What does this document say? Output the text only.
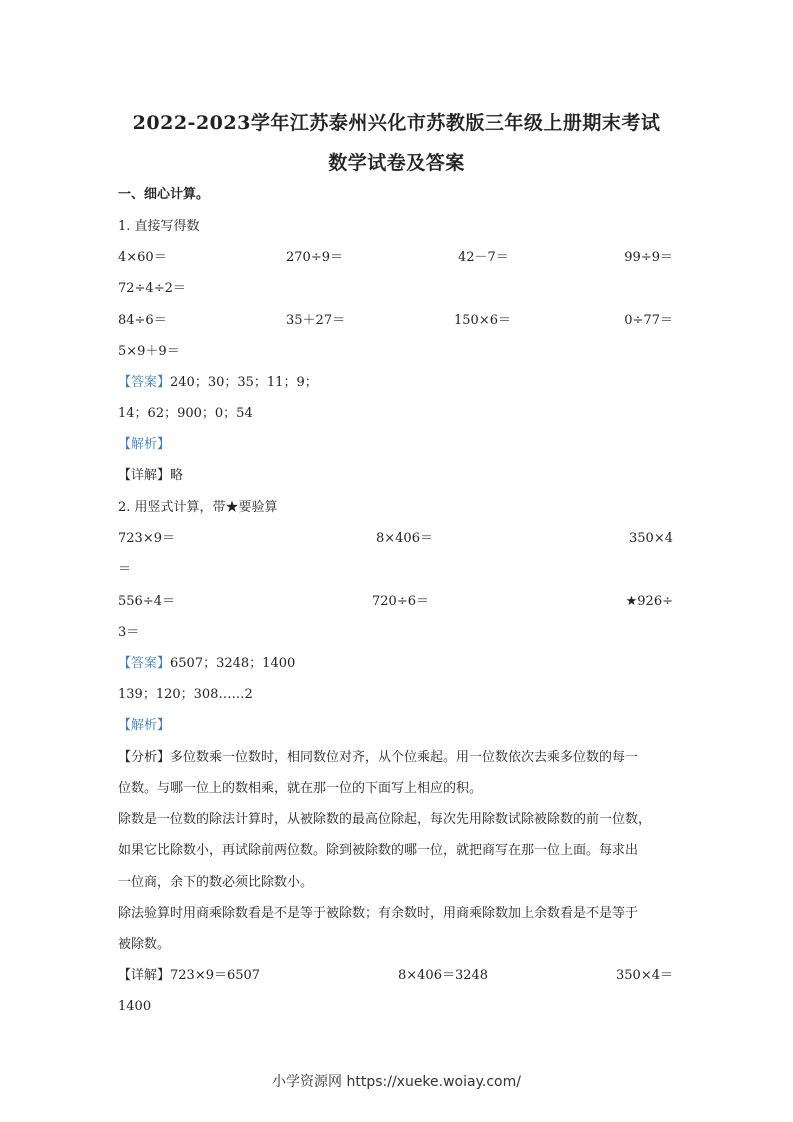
2022-2023学年江苏泰州兴化市苏教版三年级上册期末考试
数学试卷及答案
一、细心计算。
1. 直接写得数
4×60＝	270÷9＝	42－7＝	99÷9＝
72÷4÷2＝
84÷6＝	35＋27＝	150×6＝	0÷77＝
5×9＋9＝
【答案】240；30；35；11；9；
14；62；900；0；54
【解析】
【详解】略
2. 用竖式计算，带★要验算
723×9＝	8×406＝	350×4
＝
556÷4＝	720÷6＝	★926÷
3＝
【答案】6507；3248；1400
139；120；308……2
【解析】
【分析】多位数乘一位数时，相同数位对齐，从个位乘起。用一位数依次去乘多位数的每一
位数。与哪一位上的数相乘，就在那一位的下面写上相应的积。
除数是一位数的除法计算时，从被除数的最高位除起，每次先用除数试除被除数的前一位数，
如果它比除数小，再试除前两位数。除到被除数的哪一位，就把商写在那一位上面。每求出
一位商，余下的数必须比除数小。
除法验算时用商乘除数看是不是等于被除数；有余数时，用商乘除数加上余数看是不是等于
被除数。
【详解】723×9＝6507	8×406＝3248	350×4＝
1400
小学资源网 https://xueke.woiay.com/
